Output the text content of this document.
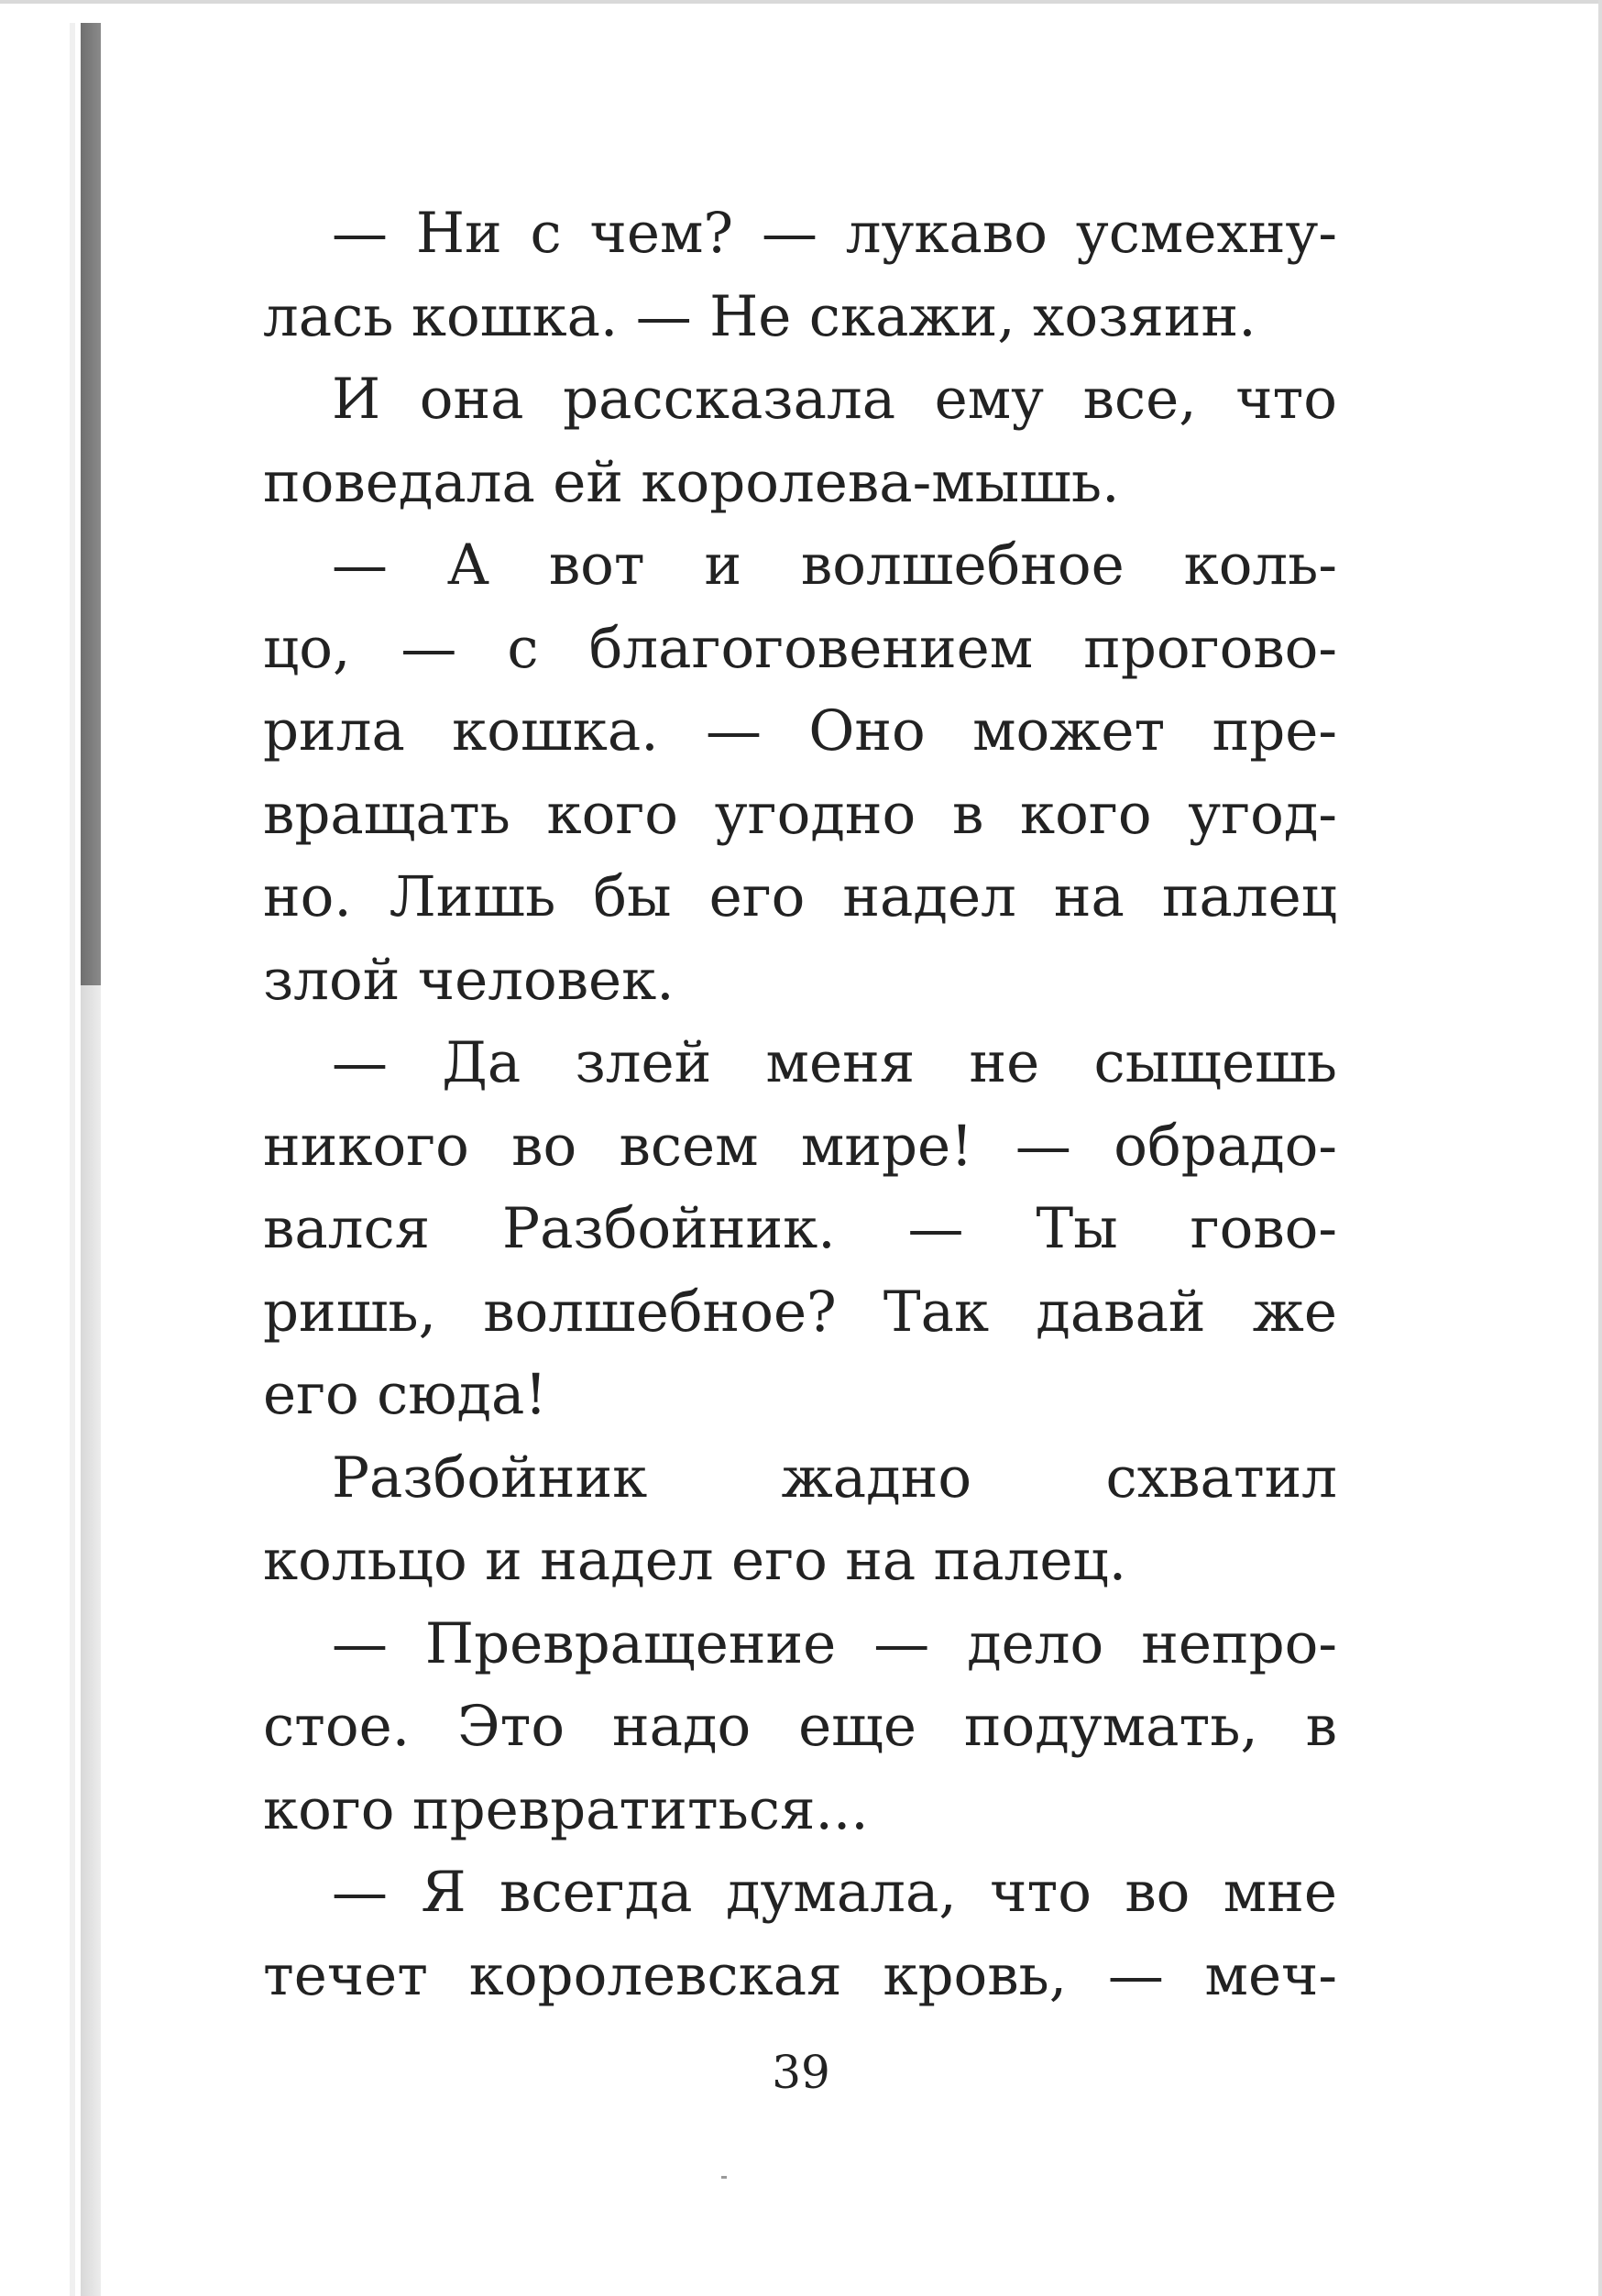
— Ни с чем? — лукаво усмехну-
лась кошка. — Не скажи, хозяин.
И она рассказала ему все, что
поведала ей королева-мышь.
— А вот и волшебное коль-
цо, — с благоговением прогово-
рила кошка. — Оно может пре-
вращать кого угодно в кого угод-
но. Лишь бы его надел на палец
злой человек.
— Да злей меня не сыщешь
никого во всем мире! — обрадо-
вался Разбойник. — Ты гово-
ришь, волшебное? Так давай же
его сюда!
Разбойник жадно схватил
кольцо и надел его на палец.
— Превращение — дело непро-
стое. Это надо еще подумать, в
кого превратиться...
— Я всегда думала, что во мне
течет королевская кровь, — меч-
39
